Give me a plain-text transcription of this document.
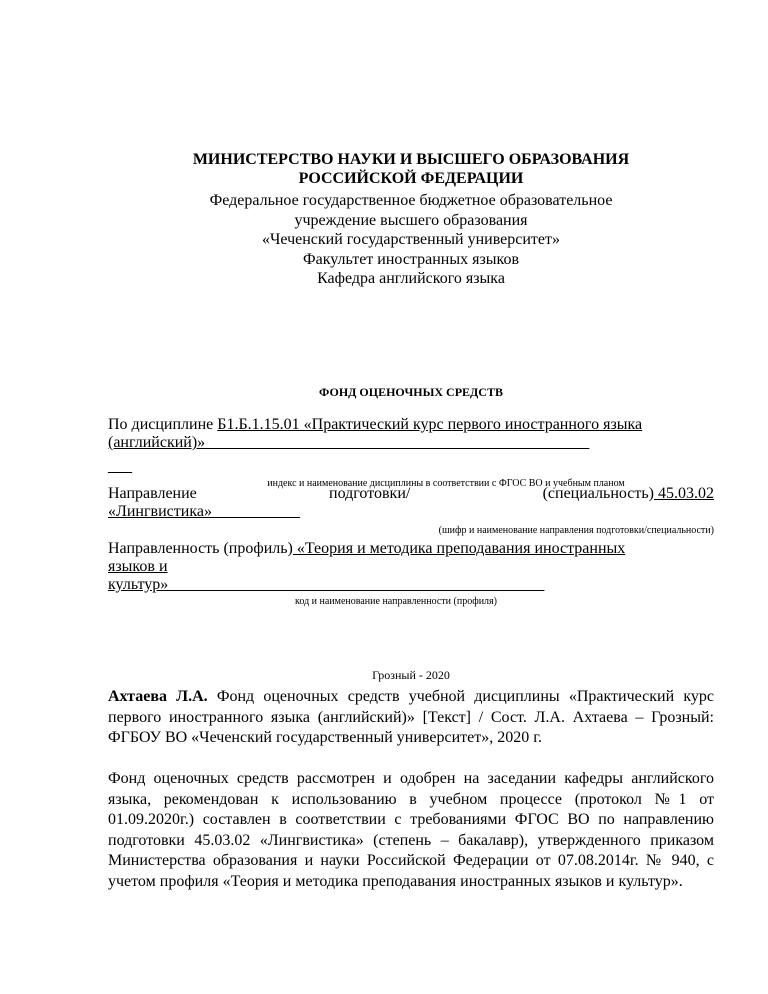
МИНИСТЕРСТВО НАУКИ И ВЫСШЕГО ОБРАЗОВАНИЯ
РОССИЙСКОЙ ФЕДЕРАЦИИ
Федеральное государственное бюджетное образовательное
учреждение высшего образования
«Чеченский государственный университет»
Факультет иностранных языков
Кафедра английского языка
ФОНД ОЦЕНОЧНЫХ СРЕДСТВ
По дисциплине Б1.Б.1.15.01 «Практический курс первого иностранного языка
(английский)»________________________________________________
___
индекс и наименование дисциплины в соответствии с ФГОС ВО и учебным планом
Направление	подготовки/	(специальность) 45.03.02
«Лингвистика»___________
(шифр и наименование направления подготовки/специальности)
Направленность (профиль) «Теория и методика преподавания иностранных
языков и
культур»_______________________________________________
код и наименование направленности (профиля)
Грозный - 2020
Ахтаева Л.А. Фонд оценочных средств учебной дисциплины «Практический курс первого иностранного языка (английский)» [Текст] / Сост. Л.А. Ахтаева – Грозный: ФГБОУ ВО «Чеченский государственный университет», 2020 г.
Фонд оценочных средств рассмотрен и одобрен на заседании кафедры английского языка, рекомендован к использованию в учебном процессе (протокол №1 от 01.09.2020г.) составлен в соответствии с требованиями ФГОС ВО по направлению подготовки 45.03.02 «Лингвистика» (степень – бакалавр), утвержденного приказом Министерства образования и науки Российской Федерации от 07.08.2014г. № 940, с учетом профиля «Теория и методика преподавания иностранных языков и культур».
